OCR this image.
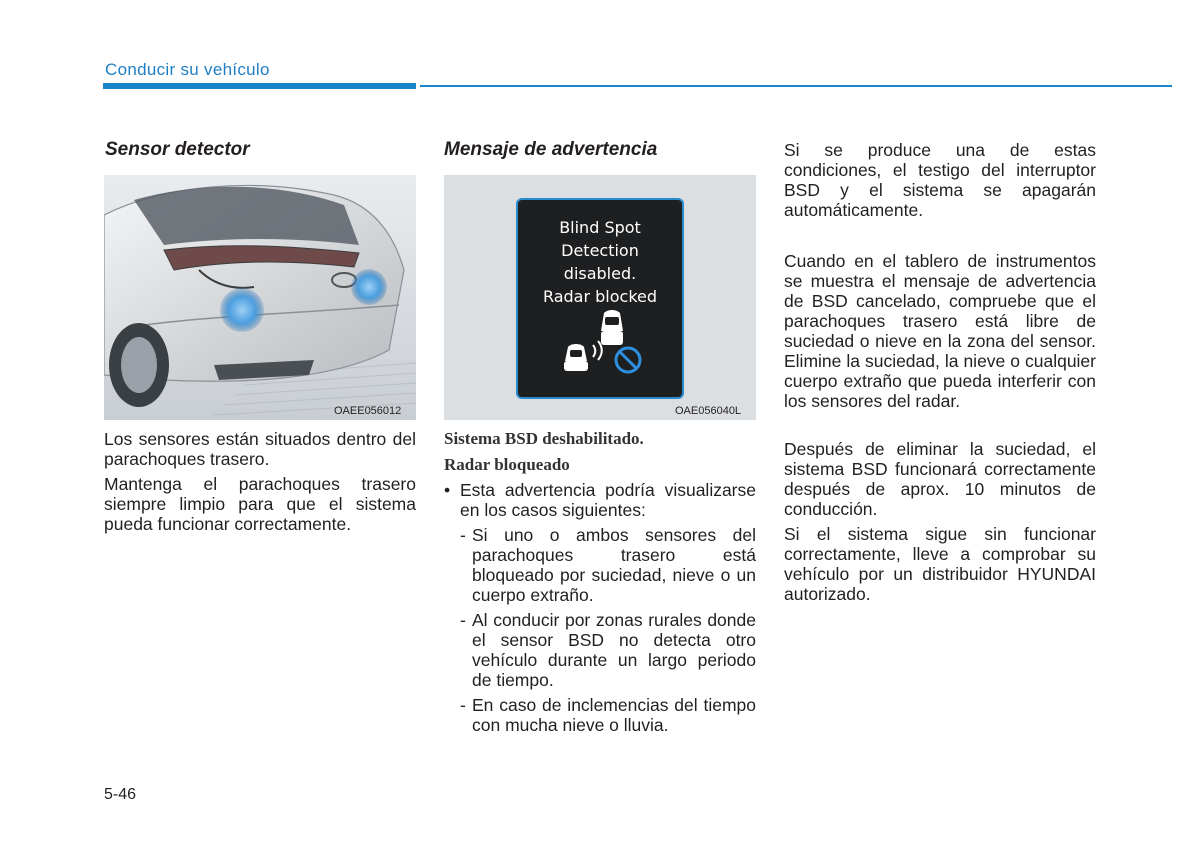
Conducir su vehículo
Sensor detector
OAEE056012

Los sensores están situados dentro del parachoques trasero.

Mantenga el parachoques trasero siempre limpio para que el sistema pueda funcionar correctamente.

Mensaje de advertencia
Blind Spot
Detection
disabled.
Radar blocked
OAE056040L
Sistema BSD deshabilitado.
Radar bloqueado
• Esta advertencia podría visualizarse en los casos siguientes:
- Si uno o ambos sensores del parachoques trasero está bloqueado por suciedad, nieve o un cuerpo extraño.
- Al conducir por zonas rurales donde el sensor BSD no detecta otro vehículo durante un largo periodo de tiempo.
- En caso de inclemencias del tiempo con mucha nieve o lluvia.

Si se produce una de estas condiciones, el testigo del interruptor BSD y el sistema se apagarán automáticamente.

Cuando en el tablero de instrumentos se muestra el mensaje de advertencia de BSD cancelado, compruebe que el parachoques trasero está libre de suciedad o nieve en la zona del sensor. Elimine la suciedad, la nieve o cualquier cuerpo extraño que pueda interferir con los sensores del radar.

Después de eliminar la suciedad, el sistema BSD funcionará correctamente después de aprox. 10 minutos de conducción.

Si el sistema sigue sin funcionar correctamente, lleve a comprobar su vehículo por un distribuidor HYUNDAI autorizado.

5-46
